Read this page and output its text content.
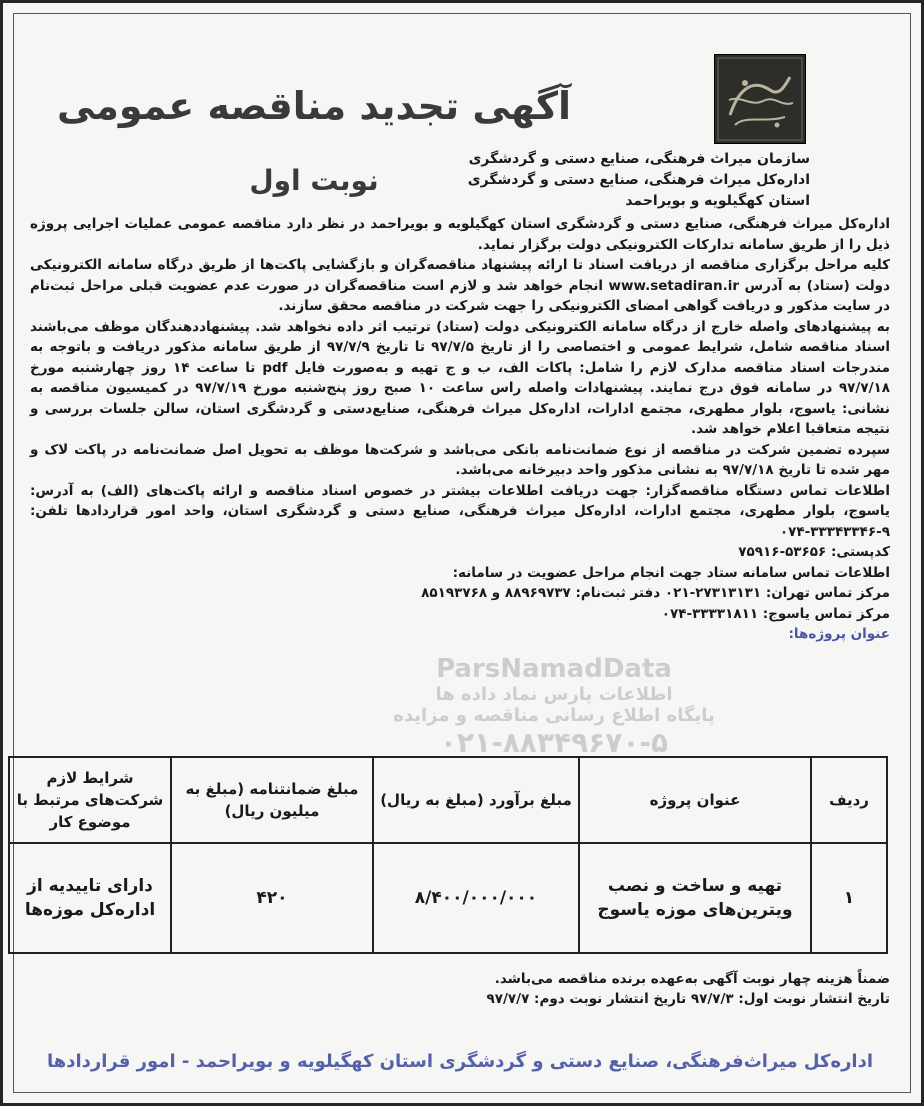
سازمان میراث فرهنگی، صنایع دستی و گردشگری
اداره‌کل میراث فرهنگی، صنایع دستی و گردشگری
استان کهگیلویه و بویراحمد
آگهی تجدید مناقصه عمومی
نوبت اول

اداره‌کل میراث فرهنگی، صنایع دستی و گردشگری استان کهگیلویه و بویراحمد در نظر دارد مناقصه عمومی عملیات اجرایی پروژه ذیل را از طریق سامانه تدارکات الکترونیکی دولت برگزار نماید.

کلیه مراحل برگزاری مناقصه از دریافت اسناد تا ارائه پیشنهاد مناقصه‌گران و بازگشایی پاکت‌ها از طریق درگاه سامانه الکترونیکی دولت (ستاد) به آدرس www.setadiran.ir انجام خواهد شد و لازم است مناقصه‌گران در صورت عدم عضویت قبلی مراحل ثبت‌نام در سایت مذکور و دریافت گواهی امضای الکترونیکی را جهت شرکت در مناقصه محقق سازند.

به پیشنهادهای واصله خارج از درگاه سامانه الکترونیکی دولت (ستاد) ترتیب اثر داده نخواهد شد. پیشنهاددهندگان موظف می‌باشند اسناد مناقصه شامل، شرایط عمومی و اختصاصی را از تاریخ ۹۷/۷/۵ تا تاریخ ۹۷/۷/۹ از طریق سامانه مذکور دریافت و باتوجه به مندرجات اسناد مناقصه مدارک لازم را شامل: پاکات الف، ب و ج تهیه و به‌صورت فایل pdf تا ساعت ۱۴ روز چهارشنبه مورخ ۹۷/۷/۱۸ در سامانه فوق درج نمایند. پیشنهادات واصله راس ساعت ۱۰ صبح روز پنج‌شنبه مورخ ۹۷/۷/۱۹ در کمیسیون مناقصه به نشانی: یاسوج، بلوار مطهری، مجتمع ادارات، اداره‌کل میراث فرهنگی، صنایع‌دستی و گردشگری استان، سالن جلسات بررسی و نتیجه متعاقبا اعلام خواهد شد.

سپرده تضمین شرکت در مناقصه از نوع ضمانت‌نامه بانکی می‌باشد و شرکت‌ها موظف به تحویل اصل ضمانت‌نامه در پاکت لاک و مهر شده تا تاریخ ۹۷/۷/۱۸ به نشانی مذکور واحد دبیرخانه می‌باشد.

اطلاعات تماس دستگاه مناقصه‌گزار: جهت دریافت اطلاعات بیشتر در خصوص اسناد مناقصه و ارائه پاکت‌های (الف) به آدرس: یاسوج، بلوار مطهری، مجتمع ادارات، اداره‌کل میراث فرهنگی، صنایع دستی و گردشگری استان، واحد امور قراردادها تلفن: ۹-۳۳۳۴۳۳۴۶-۰۷۴

کدپستی: ۵۳۶۵۶-۷۵۹۱۶

اطلاعات تماس سامانه ستاد جهت انجام مراحل عضویت در سامانه:

مرکز تماس تهران: ۲۷۳۱۳۱۳۱-۰۲۱ دفتر ثبت‌نام: ۸۸۹۶۹۷۳۷ و ۸۵۱۹۳۷۶۸

مرکز تماس یاسوج: ۳۳۳۳۱۸۱۱-۰۷۴

عنوان پروژه‌ها:

ParsNamadData
اطلاعات پارس نماد داده ها
پایگاه اطلاع رسانی مناقصه و مزایده
۰۲۱-۸۸۳۴۹۶۷۰-۵
ردیف	عنوان پروژه	مبلغ برآورد (مبلغ به ریال)	مبلغ ضمانتنامه (مبلغ به میلیون ریال)	شرایط لازم شرکت‌های مرتبط با موضوع کار
۱	تهیه و ساخت و نصب ویترین‌های موزه یاسوج	۸/۴۰۰/۰۰۰/۰۰۰	۴۲۰	دارای تاییدیه از اداره‌کل موزه‌ها
ضمناً هزینه چهار نوبت آگهی به‌عهده برنده مناقصه می‌باشد.
تاریخ انتشار نوبت اول: ۹۷/۷/۳ تاریخ انتشار نوبت دوم: ۹۷/۷/۷
اداره‌کل میراث‌فرهنگی، صنایع دستی و گردشگری استان کهگیلویه و بویراحمد - امور قراردادها
